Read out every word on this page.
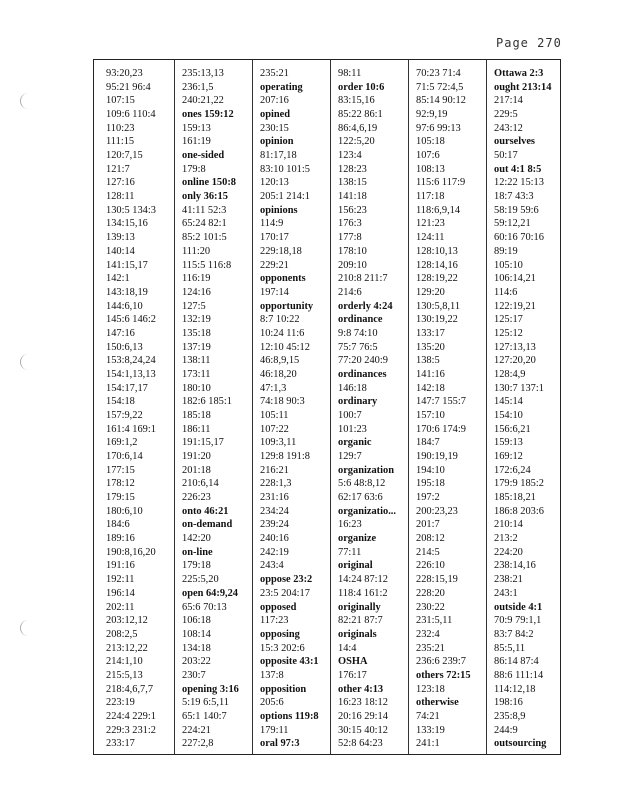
Page 270
93:20,23
95:21 96:4
107:15
109:6 110:4
110:23
111:15
120:7,15
121:7
127:16
128:11
130:5 134:3
134:15,16
139:13
140:14
141:15,17
142:1
143:18,19
144:6,10
145:6 146:2
147:16
150:6,13
153:8,24,24
154:1,13,13
154:17,17
154:18
157:9,22
161:4 169:1
169:1,2
170:6,14
177:15
178:12
179:15
180:6,10
184:6
189:16
190:8,16,20
191:16
192:11
196:14
202:11
203:12,12
208:2,5
213:12,22
214:1,10
215:5,13
218:4,6,7,7
223:19
224:4 229:1
229:3 231:2
233:17
235:13,13
236:1,5
240:21,22
ones 159:12
159:13
161:19
one-sided
179:8
online 150:8
only 36:15
41:11 52:3
65:24 82:1
85:2 101:5
111:20
115:5 116:8
116:19
124:16
127:5
132:19
135:18
137:19
138:11
173:11
180:10
182:6 185:1
185:18
186:11
191:15,17
191:20
201:18
210:6,14
226:23
onto 46:21
on-demand
142:20
on-line
179:18
225:5,20
open 64:9,24
65:6 70:13
106:18
108:14
134:18
203:22
230:7
opening 3:16
5:19 6:5,11
65:1 140:7
224:21
227:2,8
235:21
operating
207:16
opined
230:15
opinion
81:17,18
83:10 101:5
120:13
205:1 214:1
opinions
114:9
170:17
229:18,18
229:21
opponents
197:14
opportunity
8:7 10:22
10:24 11:6
12:10 45:12
46:8,9,15
46:18,20
47:1,3
74:18 90:3
105:11
107:22
109:3,11
129:8 191:8
216:21
228:1,3
231:16
234:24
239:24
240:16
242:19
243:4
oppose 23:2
23:5 204:17
opposed
117:23
opposing
15:3 202:6
opposite 43:1
137:8
opposition
205:6
options 119:8
179:11
oral 97:3
98:11
order 10:6
83:15,16
85:22 86:1
86:4,6,19
122:5,20
123:4
128:23
138:15
141:18
156:23
176:3
177:8
178:10
209:10
210:8 211:7
214:6
orderly 4:24
ordinance
9:8 74:10
75:7 76:5
77:20 240:9
ordinances
146:18
ordinary
100:7
101:23
organic
129:7
organization
5:6 48:8,12
62:17 63:6
organizatio...
16:23
organize
77:11
original
14:24 87:12
118:4 161:2
originally
82:21 87:7
originals
14:4
OSHA
176:17
other 4:13
16:23 18:12
20:16 29:14
30:15 40:12
52:8 64:23
70:23 71:4
71:5 72:4,5
85:14 90:12
92:9,19
97:6 99:13
105:18
107:6
108:13
115:6 117:9
117:18
118:6,9,14
121:23
124:11
128:10,13
128:14,16
128:19,22
129:20
130:5,8,11
130:19,22
133:17
135:20
138:5
141:16
142:18
147:7 155:7
157:10
170:6 174:9
184:7
190:19,19
194:10
195:18
197:2
200:23,23
201:7
208:12
214:5
226:10
228:15,19
228:20
230:22
231:5,11
232:4
235:21
236:6 239:7
others 72:15
123:18
otherwise
74:21
133:19
241:1
Ottawa 2:3
ought 213:14
217:14
229:5
243:12
ourselves
50:17
out 4:1 8:5
12:22 15:13
18:7 43:3
58:19 59:6
59:12,21
60:16 70:16
89:19
105:10
106:14,21
114:6
122:19,21
125:17
125:12
127:13,13
127:20,20
128:4,9
130:7 137:1
145:14
154:10
156:6,21
159:13
169:12
172:6,24
179:9 185:2
185:18,21
186:8 203:6
210:14
213:2
224:20
238:14,16
238:21
243:1
outside 4:1
70:9 79:1,1
83:7 84:2
85:5,11
86:14 87:4
88:6 111:14
114:12,18
198:16
235:8,9
244:9
outsourcing
